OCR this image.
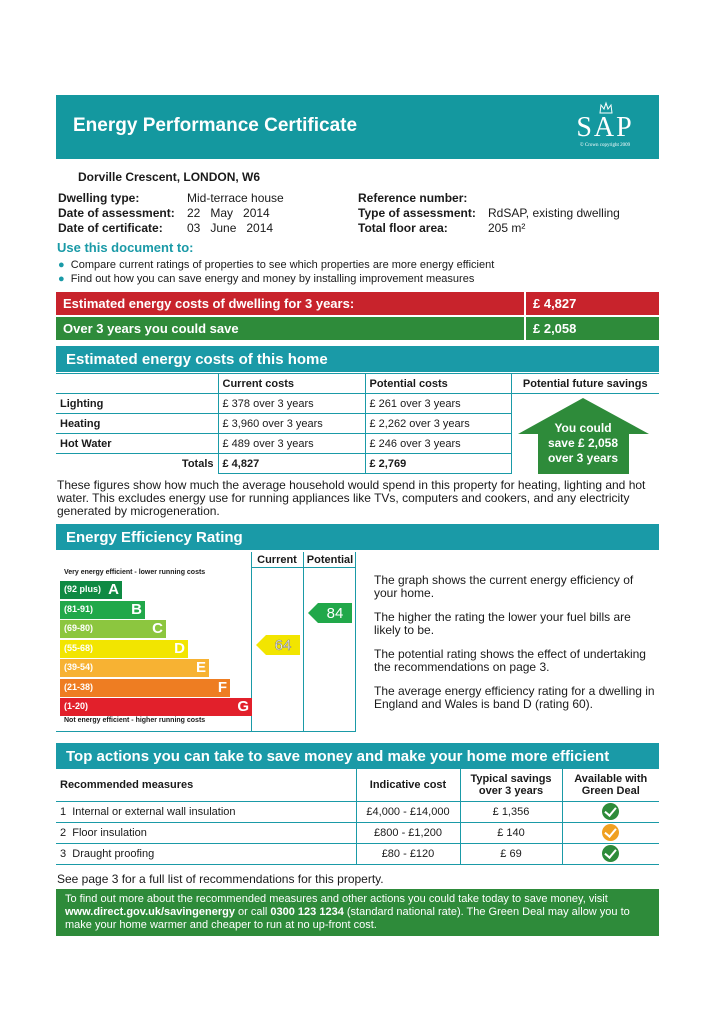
Energy Performance Certificate	SAP
© Crown copyright 2009
Dorville Crescent, LONDON, W6
Dwelling type:	Mid-terrace house
Date of assessment: 22   May   2014
Date of certificate: 03   June   2014
Reference number:
Type of assessment: RdSAP, existing dwelling
Total floor area:	205 m²
Use this document to:
● Compare current ratings of properties to see which properties are more energy efficient
● Find out how you can save energy and money by installing improvement measures
Estimated energy costs of dwelling for 3 years:	£ 4,827
Over 3 years you could save	£ 2,058
Estimated energy costs of this home
	Current costs	Potential costs	Potential future savings
Lighting	£ 378 over 3 years	£ 261 over 3 years	You could
save £ 2,058
over 3 years

Heating	£ 3,960 over 3 years	£ 2,262 over 3 years	
Hot Water	£ 489 over 3 years	£ 246 over 3 years	
Totals	£ 4,827	£ 2,769	
These figures show how much the average household would spend in this property for heating, lighting and hot water. This excludes energy use for running appliances like TVs, computers and cookers, and any electricity generated by microgeneration.
Energy Efficiency Rating
Current Potential
Very energy efficient - lower running costs
Not energy efficient - higher running costs
(92 plus) A
(81-91)	B
(69-80)	C
(55-68)	D
(39-54)	E
(21-38)	F
(1-20)	G
64
84

The graph shows the current energy efficiency of your home.

The higher the rating the lower your fuel bills are likely to be.

The potential rating shows the effect of undertaking the recommendations on page 3.

The average energy efficiency rating for a dwelling in England and Wales is band D (rating 60).

Top actions you can take to save money and make your home more efficient
Recommended measures	Indicative cost	Typical savings over 3 years	Available with Green Deal
1 Internal or external wall insulation	£4,000 - £14,000	£ 1,356	
2 Floor insulation	£800 - £1,200	£ 140	
3 Draught proofing	£80 - £120	£ 69	
See page 3 for a full list of recommendations for this property.
To find out more about the recommended measures and other actions you could take today to save money, visit
www.direct.gov.uk/savingenergy or call 0300 123 1234 (standard national rate). The Green Deal may allow you to
make your home warmer and cheaper to run at no up-front cost.
